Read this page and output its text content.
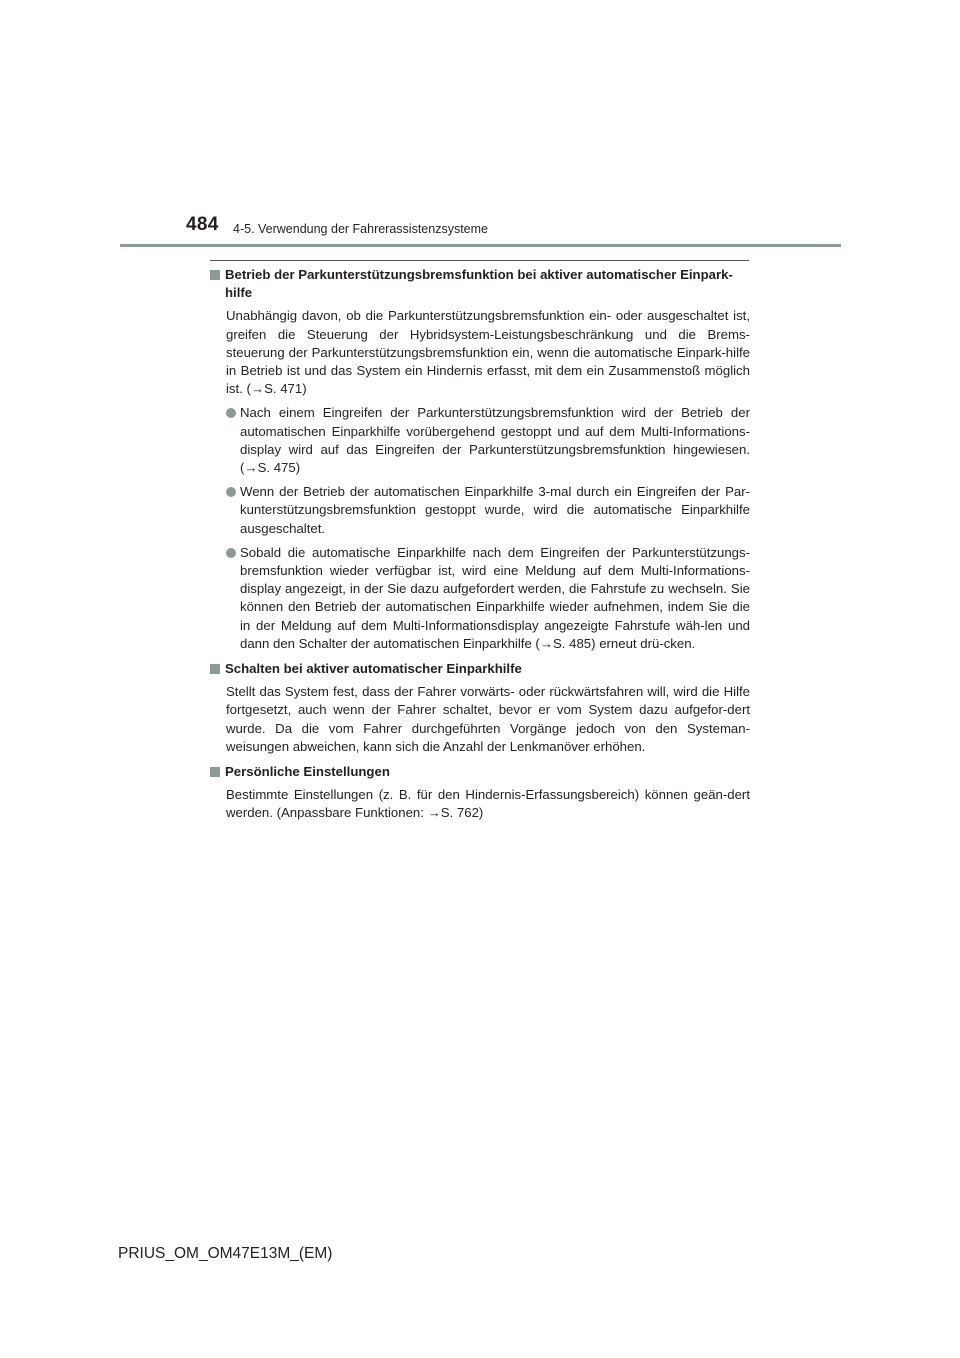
484 4-5. Verwendung der Fahrerassistenzsysteme
Betrieb der Parkunterstützungsbremsfunktion bei aktiver automatischer Einpark-hilfe

Unabhängig davon, ob die Parkunterstützungsbremsfunktion ein- oder ausgeschaltet ist, greifen die Steuerung der Hybridsystem-Leistungsbeschränkung und die Brems-steuerung der Parkunterstützungsbremsfunktion ein, wenn die automatische Einpark-hilfe in Betrieb ist und das System ein Hindernis erfasst, mit dem ein Zusammenstoß möglich ist. (→S. 471)

Nach einem Eingreifen der Parkunterstützungsbremsfunktion wird der Betrieb der automatischen Einparkhilfe vorübergehend gestoppt und auf dem Multi-Informations-display wird auf das Eingreifen der Parkunterstützungsbremsfunktion hingewiesen. (→S. 475)
Wenn der Betrieb der automatischen Einparkhilfe 3-mal durch ein Eingreifen der Par-kunterstützungsbremsfunktion gestoppt wurde, wird die automatische Einparkhilfe ausgeschaltet.
Sobald die automatische Einparkhilfe nach dem Eingreifen der Parkunterstützungs-bremsfunktion wieder verfügbar ist, wird eine Meldung auf dem Multi-Informations-display angezeigt, in der Sie dazu aufgefordert werden, die Fahrstufe zu wechseln. Sie können den Betrieb der automatischen Einparkhilfe wieder aufnehmen, indem Sie die in der Meldung auf dem Multi-Informationsdisplay angezeigte Fahrstufe wäh-len und dann den Schalter der automatischen Einparkhilfe (→S. 485) erneut drü-cken.
Schalten bei aktiver automatischer Einparkhilfe

Stellt das System fest, dass der Fahrer vorwärts- oder rückwärtsfahren will, wird die Hilfe fortgesetzt, auch wenn der Fahrer schaltet, bevor er vom System dazu aufgefor-dert wurde. Da die vom Fahrer durchgeführten Vorgänge jedoch von den Systeman-weisungen abweichen, kann sich die Anzahl der Lenkmanöver erhöhen.

Persönliche Einstellungen

Bestimmte Einstellungen (z. B. für den Hindernis-Erfassungsbereich) können geän-dert werden. (Anpassbare Funktionen: →S. 762)

PRIUS_OM_OM47E13M_(EM)
